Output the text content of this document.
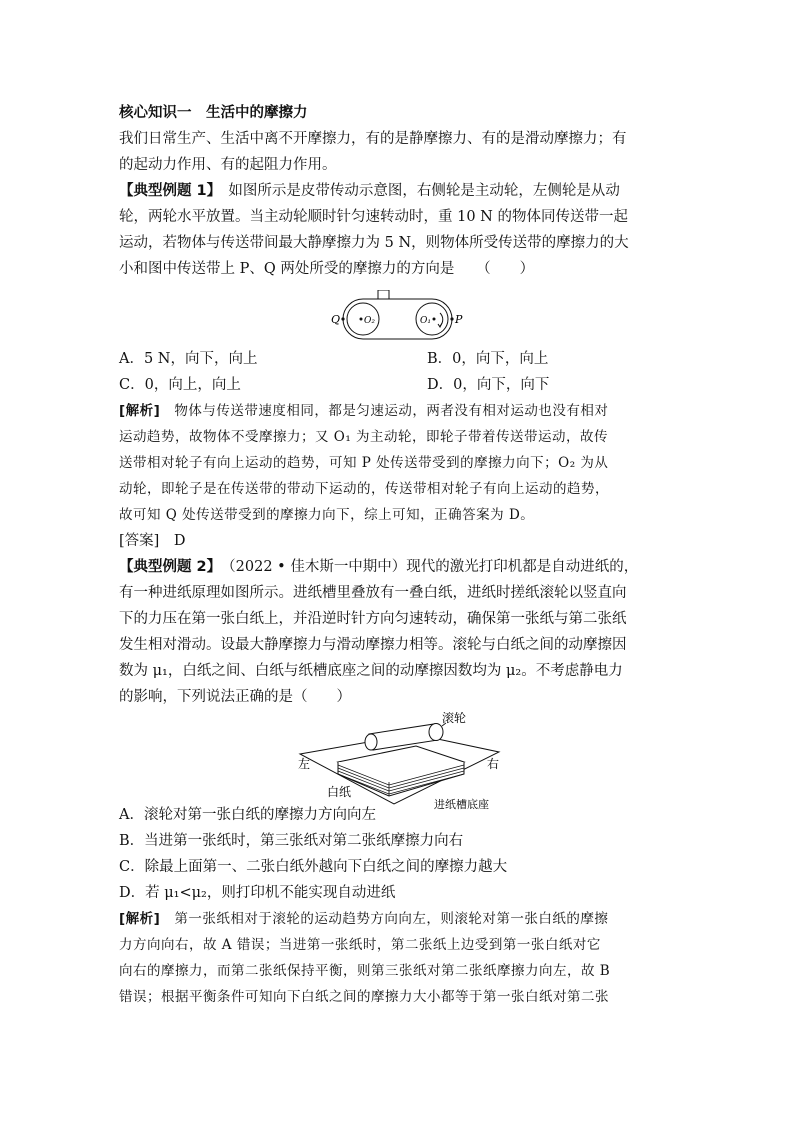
核心知识一　生活中的摩擦力
我们日常生产、生活中离不开摩擦力，有的是静摩擦力、有的是滑动摩擦力；有
的起动力作用、有的起阻力作用。
【典型例题 1】　如图所示是皮带传动示意图，右侧轮是主动轮，左侧轮是从动
轮，两轮水平放置。当主动轮顺时针匀速转动时，重 10 N 的物体同传送带一起
运动，若物体与传送带间最大静摩擦力为 5 N，则物体所受传送带的摩擦力的大
小和图中传送带上 P、Q 两处所受的摩擦力的方向是　　（　　）
A．5 N，向下，向上	B．0，向下，向上
C．0，向上，向上	D．0，向下，向下
[解析]　物体与传送带速度相同，都是匀速运动，两者没有相对运动也没有相对
运动趋势，故物体不受摩擦力；又 O₁ 为主动轮，即轮子带着传送带运动，故传
送带相对轮子有向上运动的趋势，可知 P 处传送带受到的摩擦力向下；O₂ 为从
动轮，即轮子是在传送带的带动下运动的，传送带相对轮子有向上运动的趋势，
故可知 Q 处传送带受到的摩擦力向下，综上可知，正确答案为 D。
[答案]　D
【典型例题 2】　（2022 • 佳木斯一中期中）现代的激光打印机都是自动进纸的，
有一种进纸原理如图所示。进纸槽里叠放有一叠白纸，进纸时搓纸滚轮以竖直向
下的力压在第一张白纸上，并沿逆时针方向匀速转动，确保第一张纸与第二张纸
发生相对滑动。设最大静摩擦力与滑动摩擦力相等。滚轮与白纸之间的动摩擦因
数为 μ₁，白纸之间、白纸与纸槽底座之间的动摩擦因数均为 μ₂。不考虑静电力
的影响，下列说法正确的是（　　）
A．滚轮对第一张白纸的摩擦力方向向左
B．当进第一张纸时，第三张纸对第二张纸摩擦力向右
C．除最上面第一、二张白纸外越向下白纸之间的摩擦力越大
D．若 μ₁<μ₂，则打印机不能实现自动进纸
[解析]　第一张纸相对于滚轮的运动趋势方向向左，则滚轮对第一张白纸的摩擦
力方向向右，故 A 错误；当进第一张纸时，第二张纸上边受到第一张白纸对它
向右的摩擦力，而第二张纸保持平衡，则第三张纸对第二张纸摩擦力向左，故 B
错误；根据平衡条件可知向下白纸之间的摩擦力大小都等于第一张白纸对第二张
Q	O₂	O₁ P
滚轮
左	右
白纸
进纸槽底座
